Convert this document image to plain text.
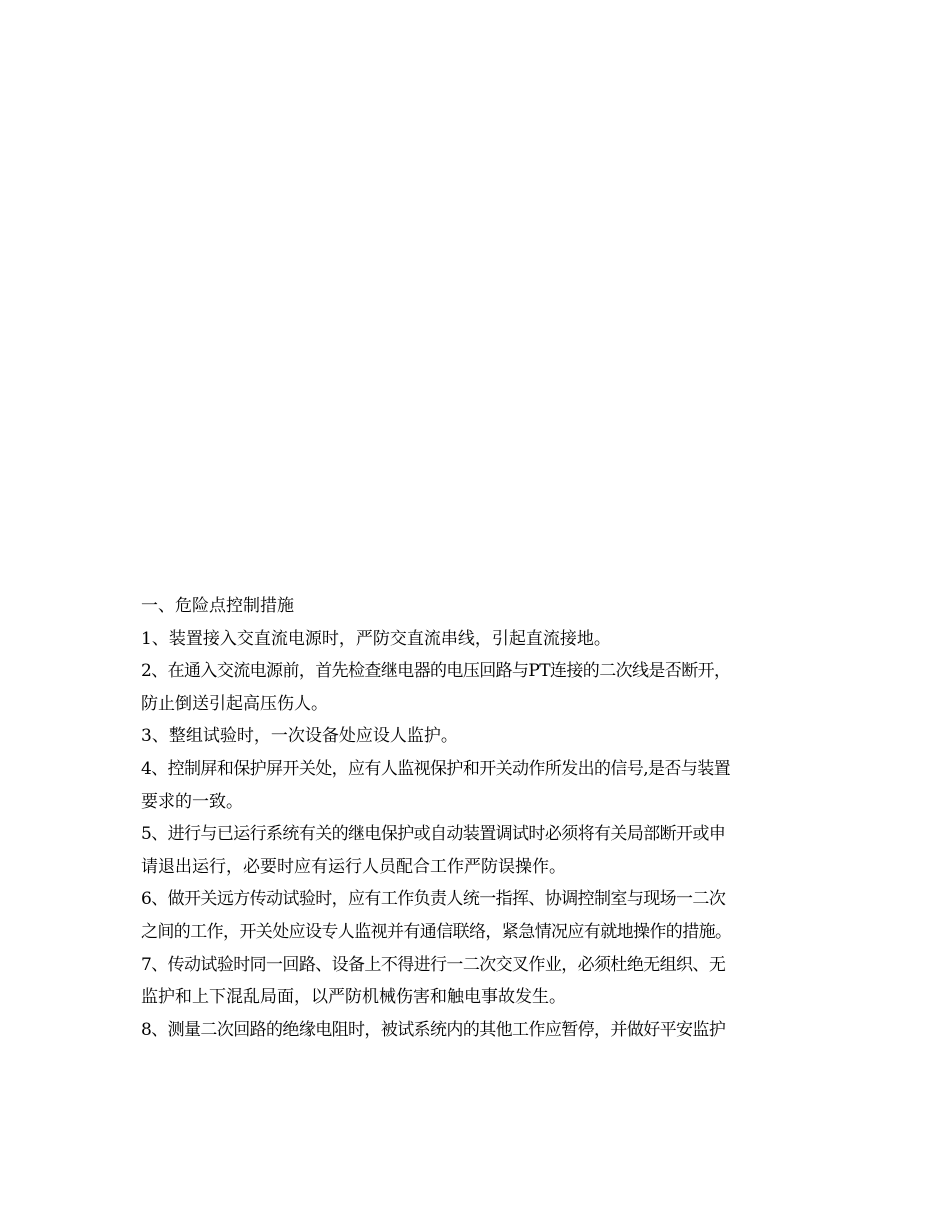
一、危险点控制措施
1、装置接入交直流电源时，严防交直流串线，引起直流接地。
2、在通入交流电源前，首先检查继电器的电压回路与PT连接的二次线是否断开，
防止倒送引起高压伤人。
3、整组试验时，一次设备处应设人监护。
4、控制屏和保护屏开关处，应有人监视保护和开关动作所发出的信号,是否与装置
要求的一致。
5、进行与已运行系统有关的继电保护或自动装置调试时必须将有关局部断开或申
请退出运行，必要时应有运行人员配合工作严防误操作。
6、做开关远方传动试验时，应有工作负责人统一指挥、协调控制室与现场一二次
之间的工作，开关处应设专人监视并有通信联络，紧急情况应有就地操作的措施。
7、传动试验时同一回路、设备上不得进行一二次交叉作业，必须杜绝无组织、无
监护和上下混乱局面，以严防机械伤害和触电事故发生。
8、测量二次回路的绝缘电阻时，被试系统内的其他工作应暂停，并做好平安监护
